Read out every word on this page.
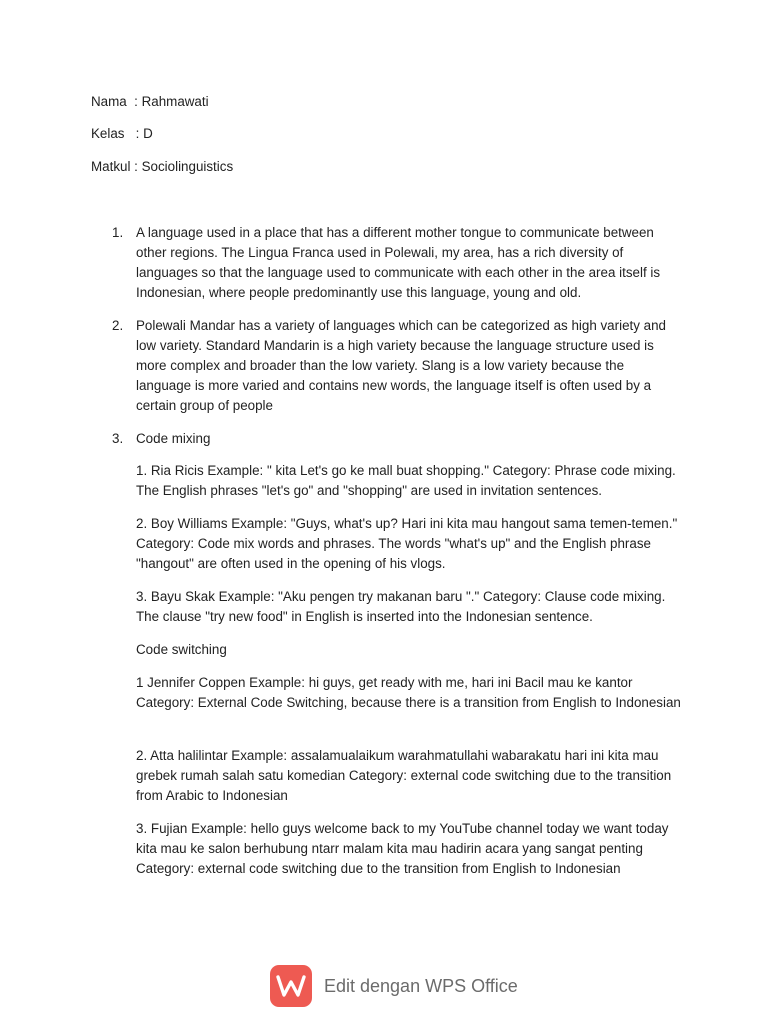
Nama  : Rahmawati
Kelas   : D
Matkul : Sociolinguistics
1. A language used in a place that has a different mother tongue to communicate between other regions. The Lingua Franca used in Polewali, my area, has a rich diversity of languages so that the language used to communicate with each other in the area itself is Indonesian, where people predominantly use this language, young and old.
2. Polewali Mandar has a variety of languages which can be categorized as high variety and low variety. Standard Mandarin is a high variety because the language structure used is more complex and broader than the low variety. Slang is a low variety because the language is more varied and contains new words, the language itself is often used by a certain group of people
3. Code mixing
1. Ria Ricis Example: " kita Let's go ke mall buat shopping." Category: Phrase code mixing. The English phrases "let's go" and "shopping" are used in invitation sentences.
2. Boy Williams Example: "Guys, what's up? Hari ini kita mau hangout sama temen-temen." Category: Code mix words and phrases. The words "what's up" and the English phrase "hangout" are often used in the opening of his vlogs.
3. Bayu Skak Example: "Aku pengen try makanan baru "." Category: Clause code mixing. The clause "try new food" in English is inserted into the Indonesian sentence.
Code switching
1 Jennifer Coppen Example: hi guys, get ready with me, hari ini Bacil mau ke kantor Category: External Code Switching, because there is a transition from English to Indonesian
2. Atta halilintar Example: assalamualaikum warahmatullahi wabarakatu hari ini kita mau grebek rumah salah satu komedian Category: external code switching due to the transition from Arabic to Indonesian
3. Fujian Example: hello guys welcome back to my YouTube channel today we want today kita mau ke salon berhubung ntarr malam kita mau hadirin acara yang sangat penting Category: external code switching due to the transition from English to Indonesian
Edit dengan WPS Office
